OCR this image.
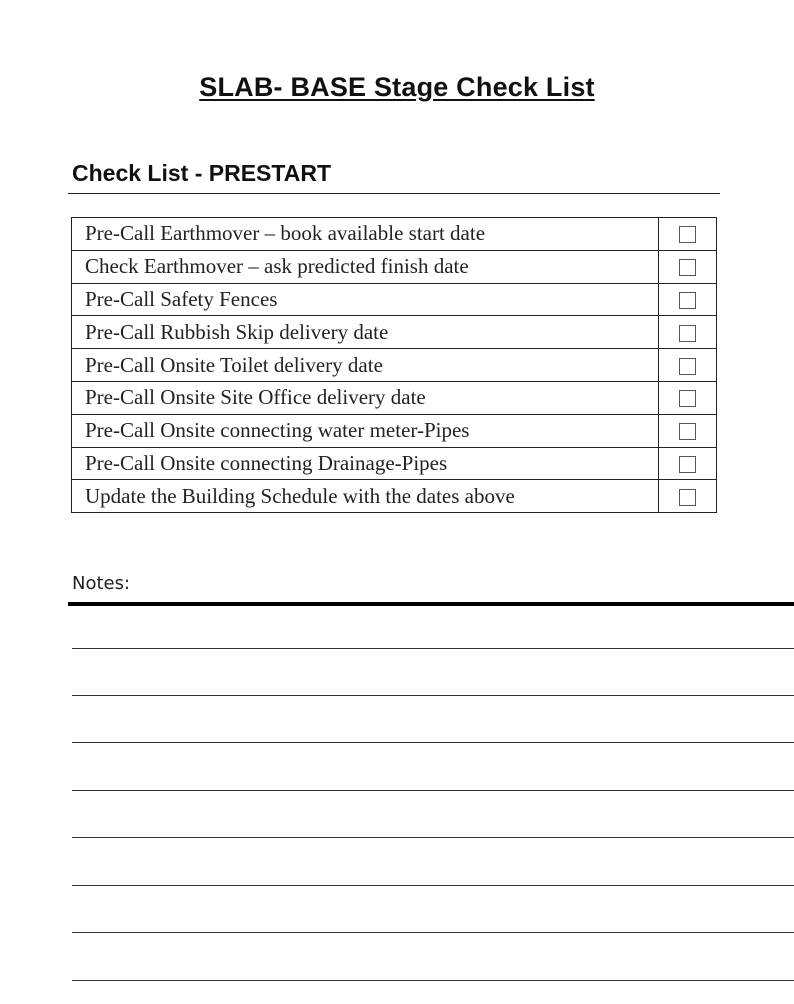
SLAB- BASE Stage Check List
Check List - PRESTART
Pre-Call Earthmover – book available start date	
Check Earthmover – ask predicted finish date	
Pre-Call Safety Fences	
Pre-Call Rubbish Skip delivery date	
Pre-Call Onsite Toilet delivery date	
Pre-Call Onsite Site Office delivery date	
Pre-Call Onsite connecting water meter-Pipes	
Pre-Call Onsite connecting Drainage-Pipes	
Update the Building Schedule with the dates above	
Notes:
